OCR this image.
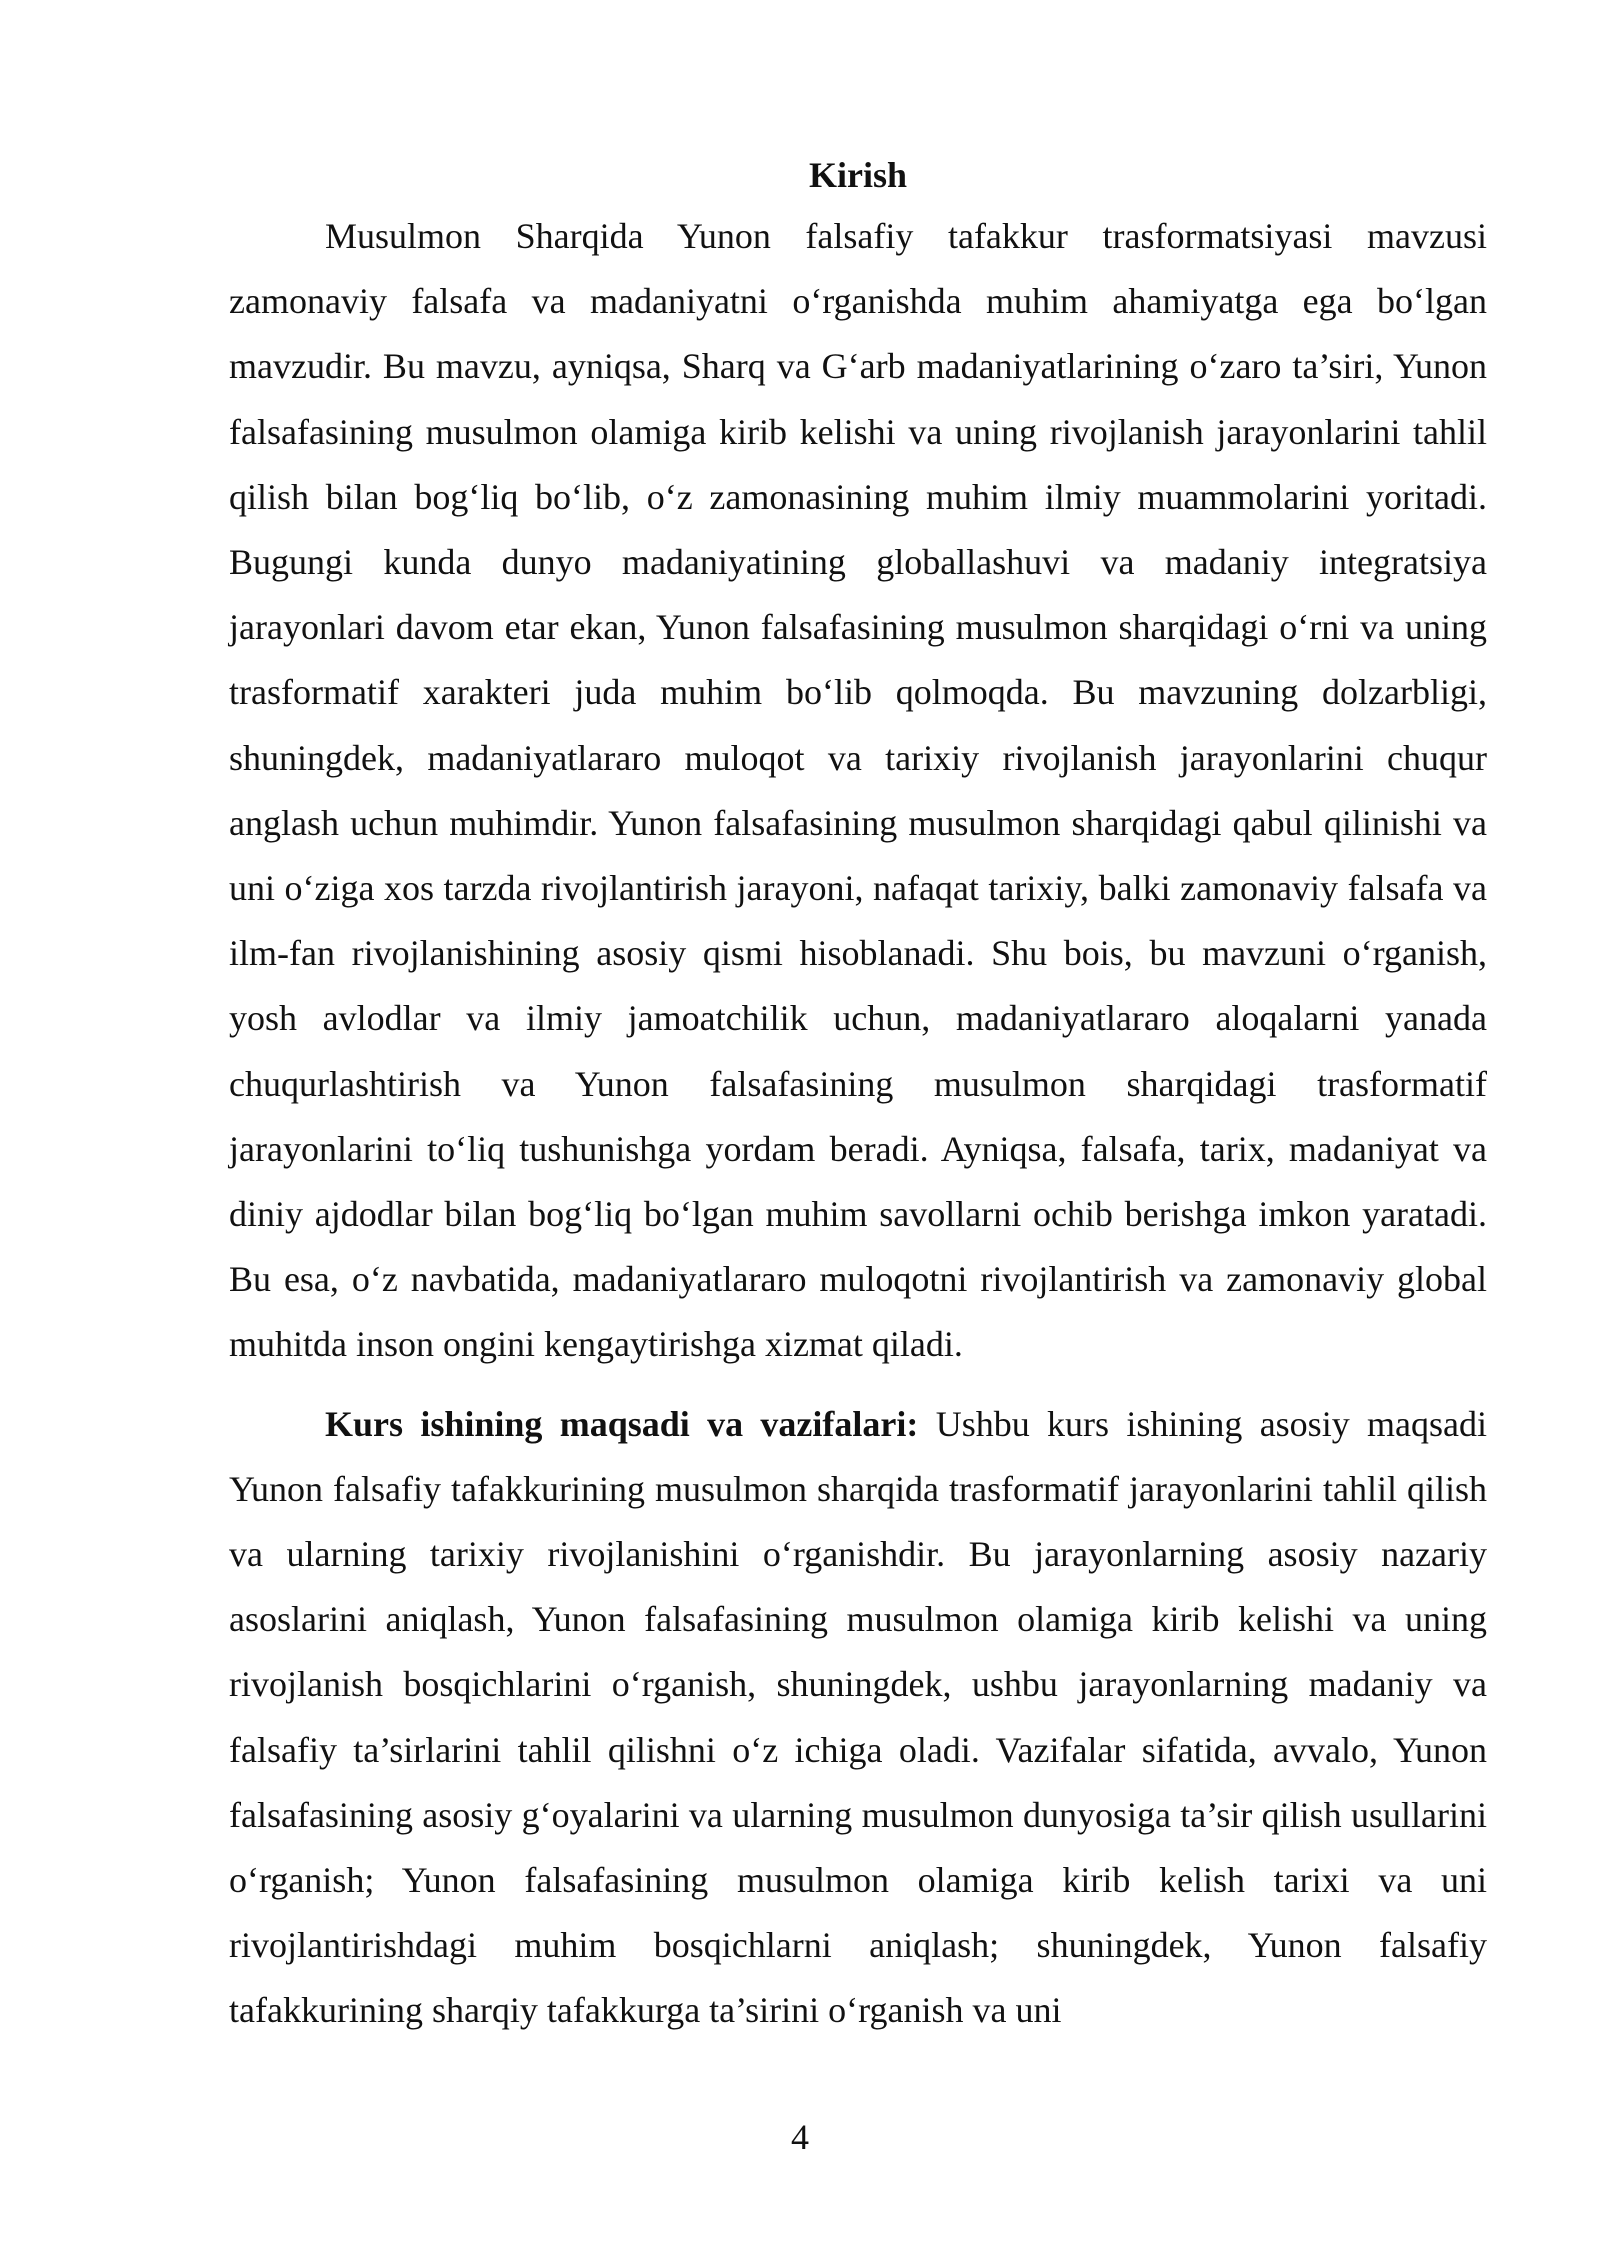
Kirish

Musulmon Sharqida Yunon falsafiy tafakkur trasformatsiyasi mavzusi zamonaviy falsafa va madaniyatni o‘rganishda muhim ahamiyatga ega bo‘lgan mavzudir. Bu mavzu, ayniqsa, Sharq va G‘arb madaniyatlarining o‘zaro ta’siri, Yunon falsafasining musulmon olamiga kirib kelishi va uning rivojlanish jarayonlarini tahlil qilish bilan bog‘liq bo‘lib, o‘z zamonasining muhim ilmiy muammolarini yoritadi. Bugungi kunda dunyo madaniyatining globallashuvi va madaniy integratsiya jarayonlari davom etar ekan, Yunon falsafasining musulmon sharqidagi o‘rni va uning trasformatif xarakteri juda muhim bo‘lib qolmoqda. Bu mavzuning dolzarbligi, shuningdek, madaniyatlararo muloqot va tarixiy rivojlanish jarayonlarini chuqur anglash uchun muhimdir. Yunon falsafasining musulmon sharqidagi qabul qilinishi va uni o‘ziga xos tarzda rivojlantirish jarayoni, nafaqat tarixiy, balki zamonaviy falsafa va ilm-fan rivojlanishining asosiy qismi hisoblanadi. Shu bois, bu mavzuni o‘rganish, yosh avlodlar va ilmiy jamoatchilik uchun, madaniyatlararo aloqalarni yanada chuqurlashtirish va Yunon falsafasining musulmon sharqidagi trasformatif jarayonlarini to‘liq tushunishga yordam beradi. Ayniqsa, falsafa, tarix, madaniyat va diniy ajdodlar bilan bog‘liq bo‘lgan muhim savollarni ochib berishga imkon yaratadi. Bu esa, o‘z navbatida, madaniyatlararo muloqotni rivojlantirish va zamonaviy global muhitda inson ongini kengaytirishga xizmat qiladi.

Kurs ishining maqsadi va vazifalari: Ushbu kurs ishining asosiy maqsadi Yunon falsafiy tafakkurining musulmon sharqida trasformatif jarayonlarini tahlil qilish va ularning tarixiy rivojlanishini o‘rganishdir. Bu jarayonlarning asosiy nazariy asoslarini aniqlash, Yunon falsafasining musulmon olamiga kirib kelishi va uning rivojlanish bosqichlarini o‘rganish, shuningdek, ushbu jarayonlarning madaniy va falsafiy ta’sirlarini tahlil qilishni o‘z ichiga oladi. Vazifalar sifatida, avvalo, Yunon falsafasining asosiy g‘oyalarini va ularning musulmon dunyosiga ta’sir qilish usullarini o‘rganish; Yunon falsafasining musulmon olamiga kirib kelish tarixi va uni rivojlantirishdagi muhim bosqichlarni aniqlash; shuningdek, Yunon falsafiy tafakkurining sharqiy tafakkurga ta’sirini o‘rganish va uni

4
